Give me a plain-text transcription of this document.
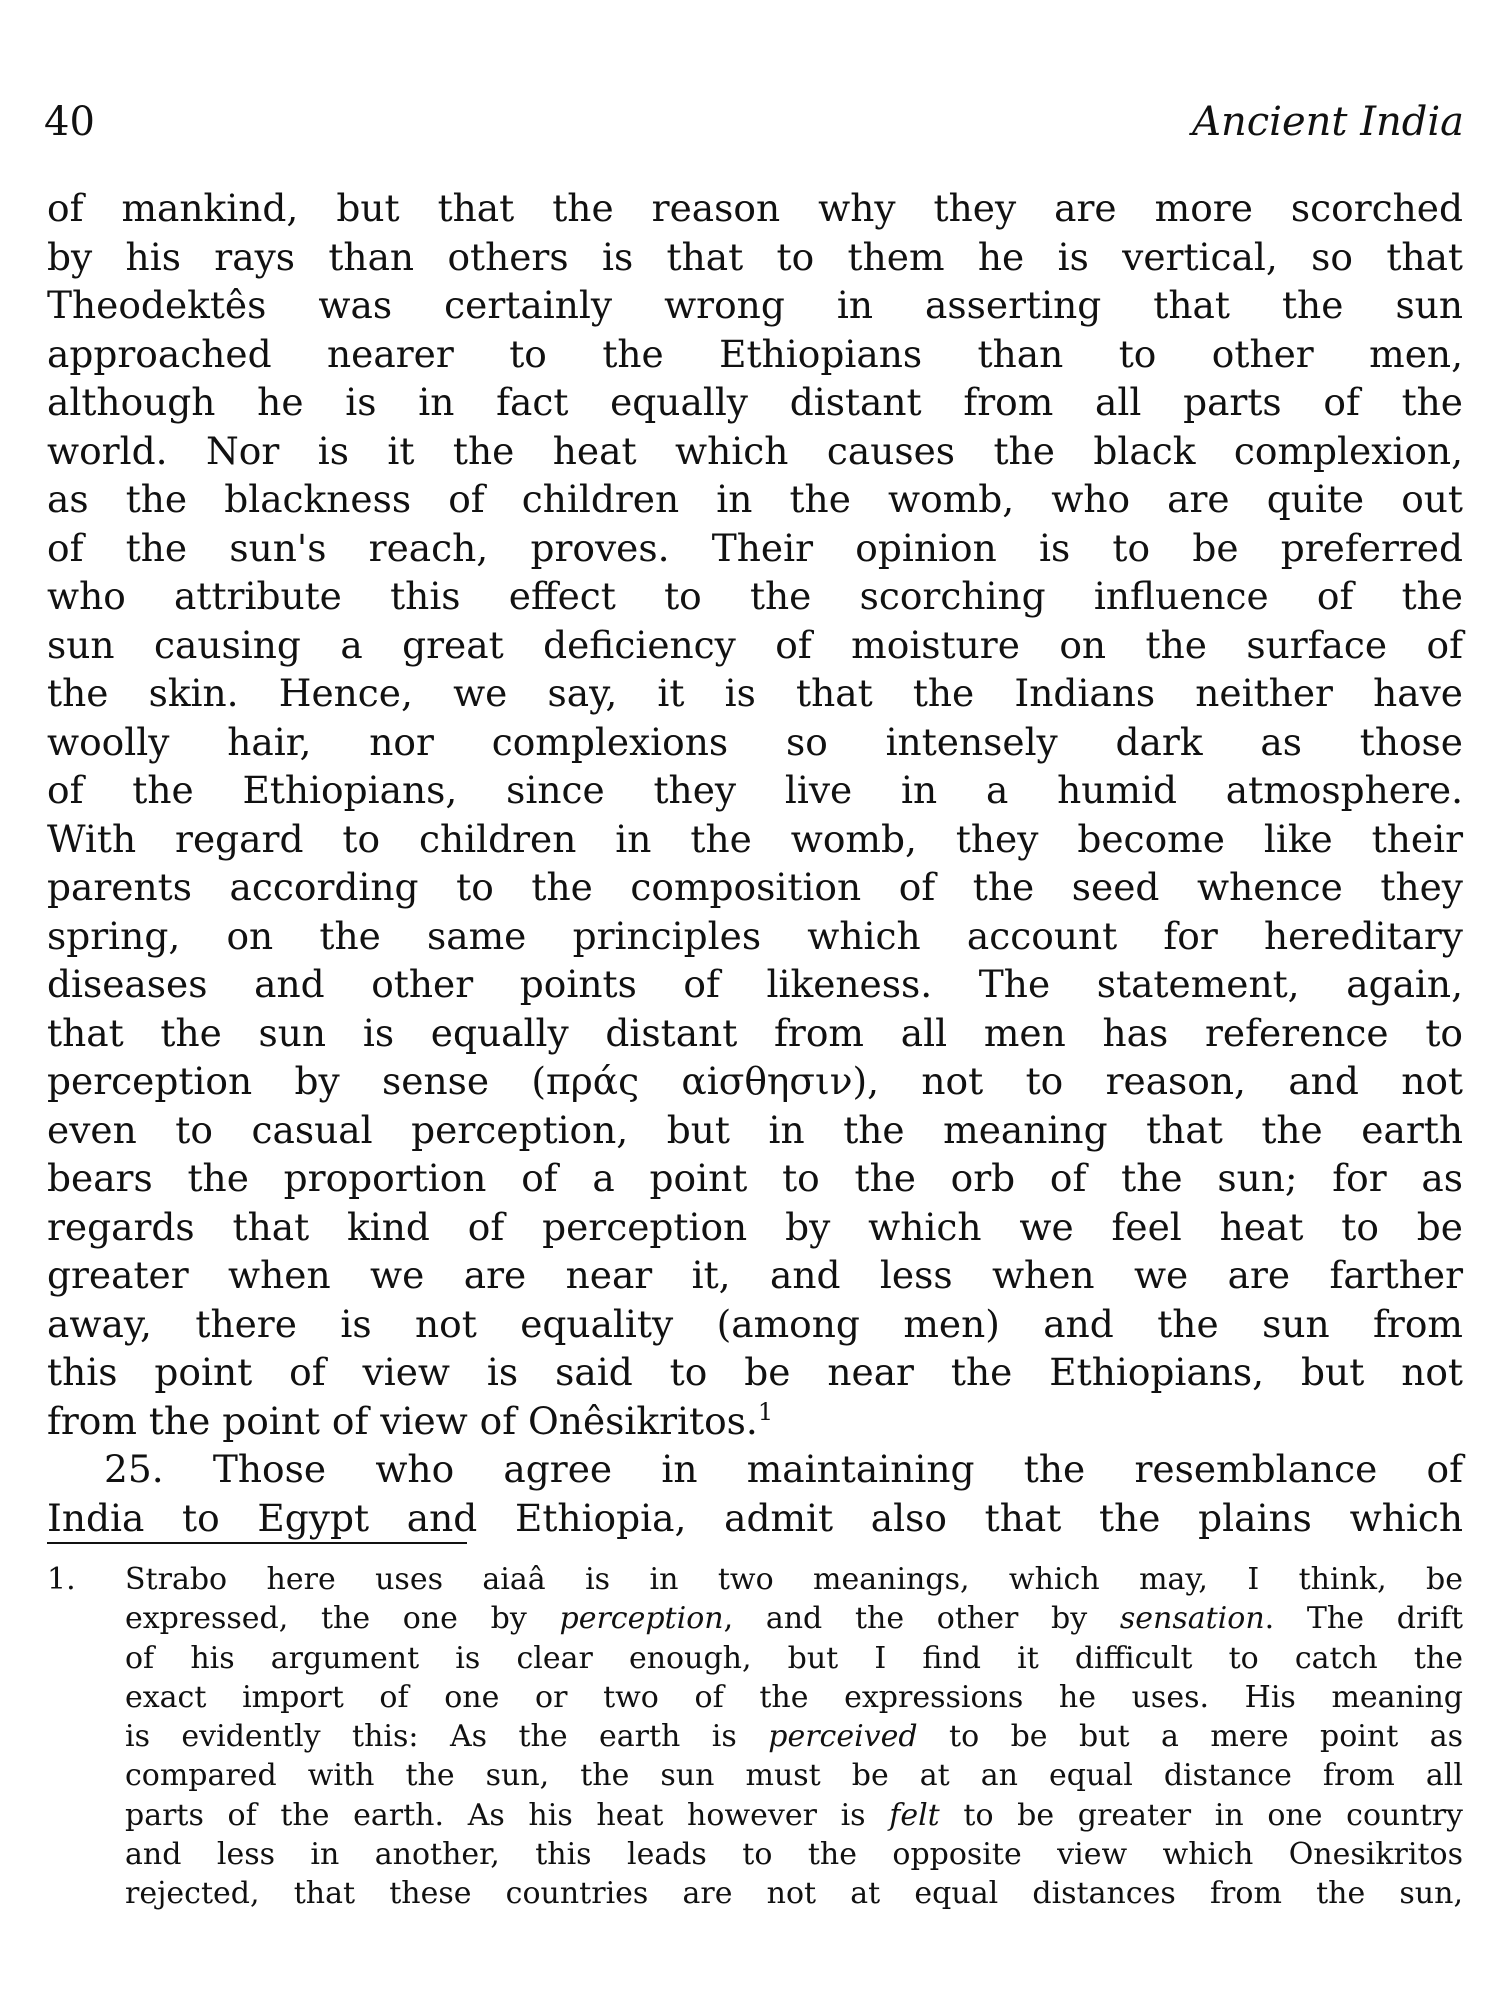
40	Ancient India
of mankind, but that the reason why they are more scorched
by his rays than others is that to them he is vertical, so that
Theodektês was certainly wrong in asserting that the sun
approached nearer to the Ethiopians than to other men,
although he is in fact equally distant from all parts of the
world. Nor is it the heat which causes the black complexion,
as the blackness of children in the womb, who are quite out
of the sun's reach, proves. Their opinion is to be preferred
who attribute this effect to the scorching influence of the
sun causing a great deficiency of moisture on the surface of
the skin. Hence, we say, it is that the Indians neither have
woolly hair, nor complexions so intensely dark as those
of the Ethiopians, since they live in a humid atmosphere.
With regard to children in the womb, they become like their
parents according to the composition of the seed whence they
spring, on the same principles which account for hereditary
diseases and other points of likeness. The statement, again,
that the sun is equally distant from all men has reference to
perception by sense (πράς αiσθησιν), not to reason, and not
even to casual perception, but in the meaning that the earth
bears the proportion of a point to the orb of the sun; for as
regards that kind of perception by which we feel heat to be
greater when we are near it, and less when we are farther
away, there is not equality (among men) and the sun from
this point of view is said to be near the Ethiopians, but not
from the point of view of Onêsikritos.$^1$
25. Those who agree in maintaining the resemblance of
India to Egypt and Ethiopia, admit also that the plains which
1. Strabo here uses aiaâ is in two meanings, which may, I think, be
expressed, the one by perception, and the other by sensation. The drift
of his argument is clear enough, but I find it difficult to catch the
exact import of one or two of the expressions he uses. His meaning
is evidently this: As the earth is perceived to be but a mere point as
compared with the sun, the sun must be at an equal distance from all
parts of the earth. As his heat however is felt to be greater in one country
and less in another, this leads to the opposite view which Onesikritos
rejected, that these countries are not at equal distances from the sun,
